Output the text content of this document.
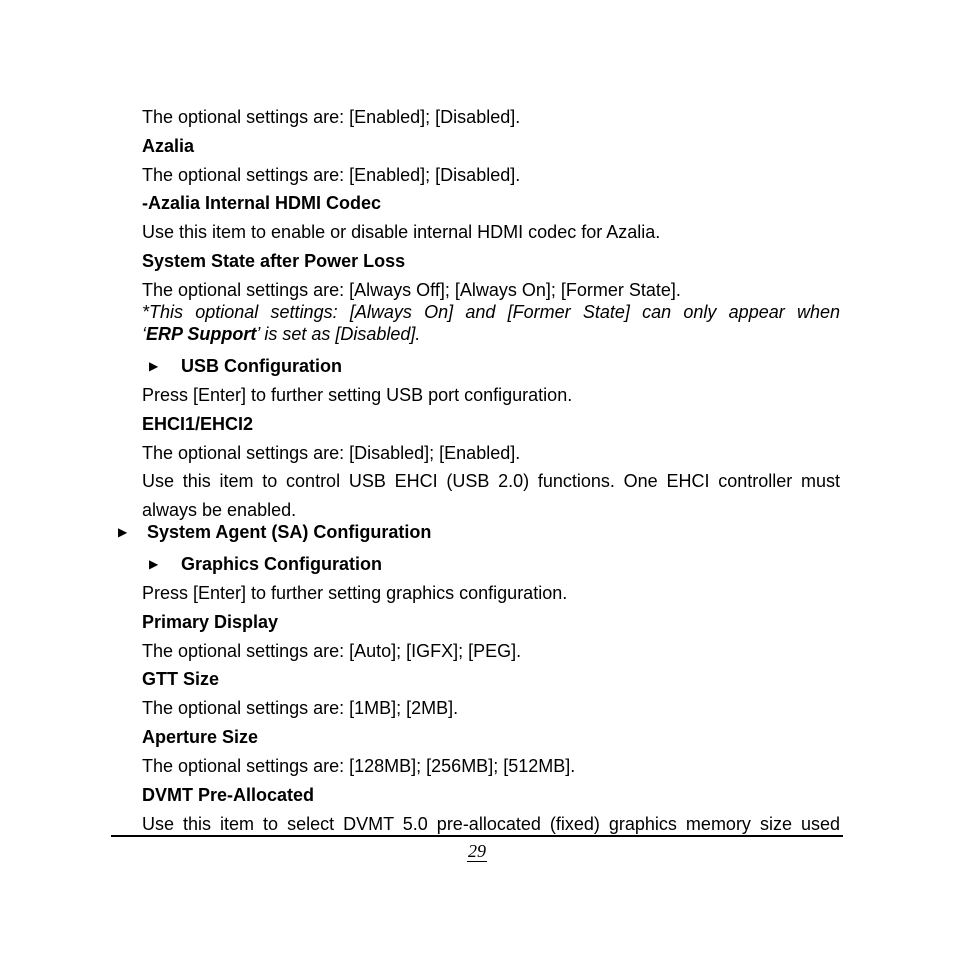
The optional settings are: [Enabled]; [Disabled].
Azalia
The optional settings are: [Enabled]; [Disabled].
-Azalia Internal HDMI Codec
Use this item to enable or disable internal HDMI codec for Azalia.
System State after Power Loss
The optional settings are: [Always Off]; [Always On]; [Former State].
*This optional settings: [Always On] and [Former State] can only appear when
‘ERP Support’ is set as [Disabled].
▶ USB Configuration
Press [Enter] to further setting USB port configuration.
EHCI1/EHCI2
The optional settings are: [Disabled]; [Enabled].
Use this item to control USB EHCI (USB 2.0) functions. One EHCI controller must
always be enabled.
▶ System Agent (SA) Configuration
▶ Graphics Configuration
Press [Enter] to further setting graphics configuration.
Primary Display
The optional settings are: [Auto]; [IGFX]; [PEG].
GTT Size
The optional settings are: [1MB]; [2MB].
Aperture Size
The optional settings are: [128MB]; [256MB]; [512MB].
DVMT Pre-Allocated
Use this item to select DVMT 5.0 pre-allocated (fixed) graphics memory size used
29
